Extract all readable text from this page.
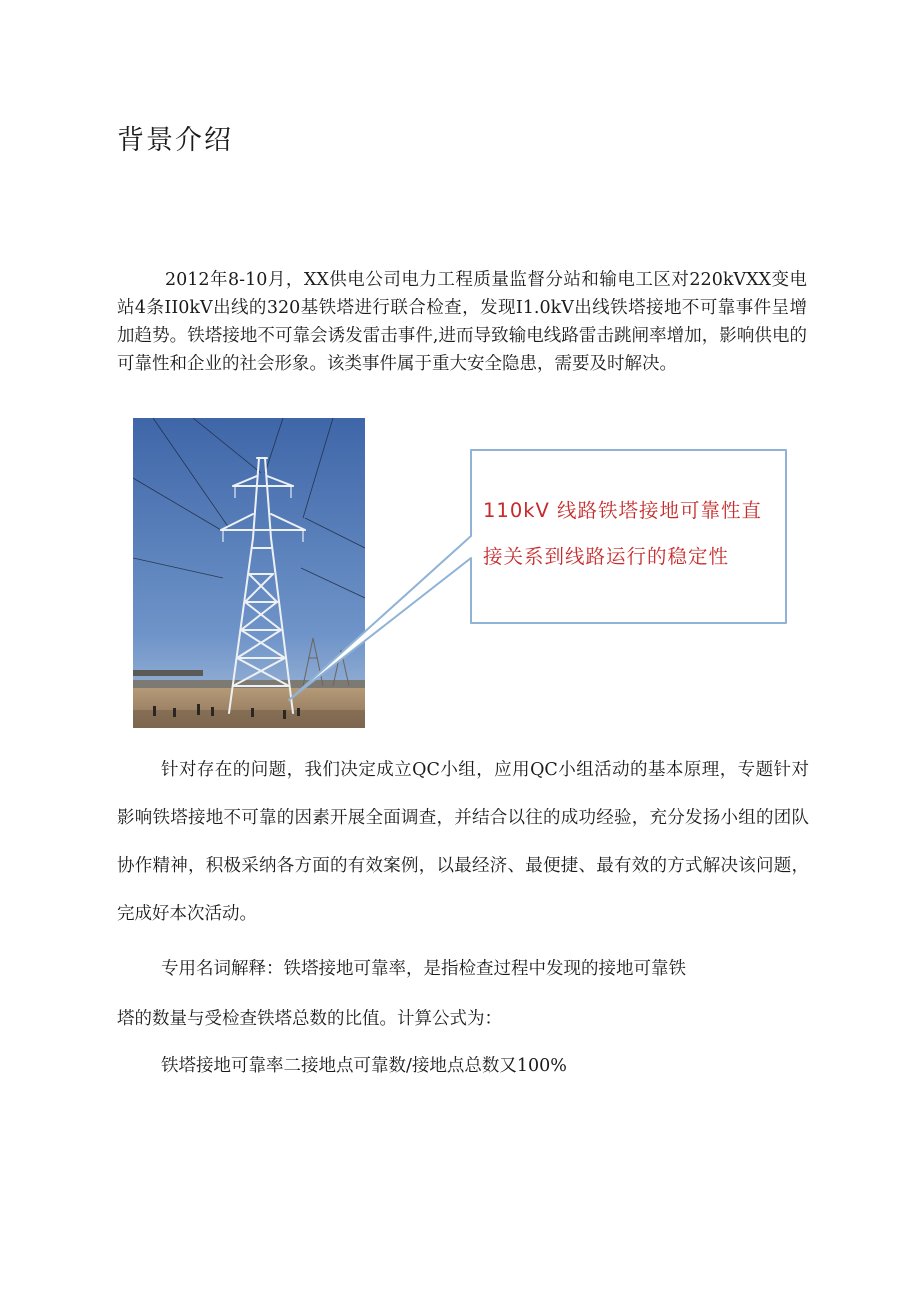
背景介绍

2012年8-10月，XX供电公司电力工程质量监督分站和输电工区对220kVXX变电站4条II0kV出线的320基铁塔进行联合检查，发现I1.0kV出线铁塔接地不可靠事件呈增加趋势。铁塔接地不可靠会诱发雷击事件,进而导致输电线路雷击跳闸率增加，影响供电的可靠性和企业的社会形象。该类事件属于重大安全隐患，需要及时解决。

110kV 线路铁塔接地可靠性直
接关系到线路运行的稳定性

针对存在的问题，我们决定成立QC小组，应用QC小组活动的基本原理，专题针对影响铁塔接地不可靠的因素开展全面调查，并结合以往的成功经验，充分发扬小组的团队协作精神，积极采纳各方面的有效案例，以最经济、最便捷、最有效的方式解决该问题，完成好本次活动。

专用名词解释：铁塔接地可靠率，是指检查过程中发现的接地可靠铁
塔的数量与受检查铁塔总数的比值。计算公式为：

铁塔接地可靠率二接地点可靠数/接地点总数又100%
